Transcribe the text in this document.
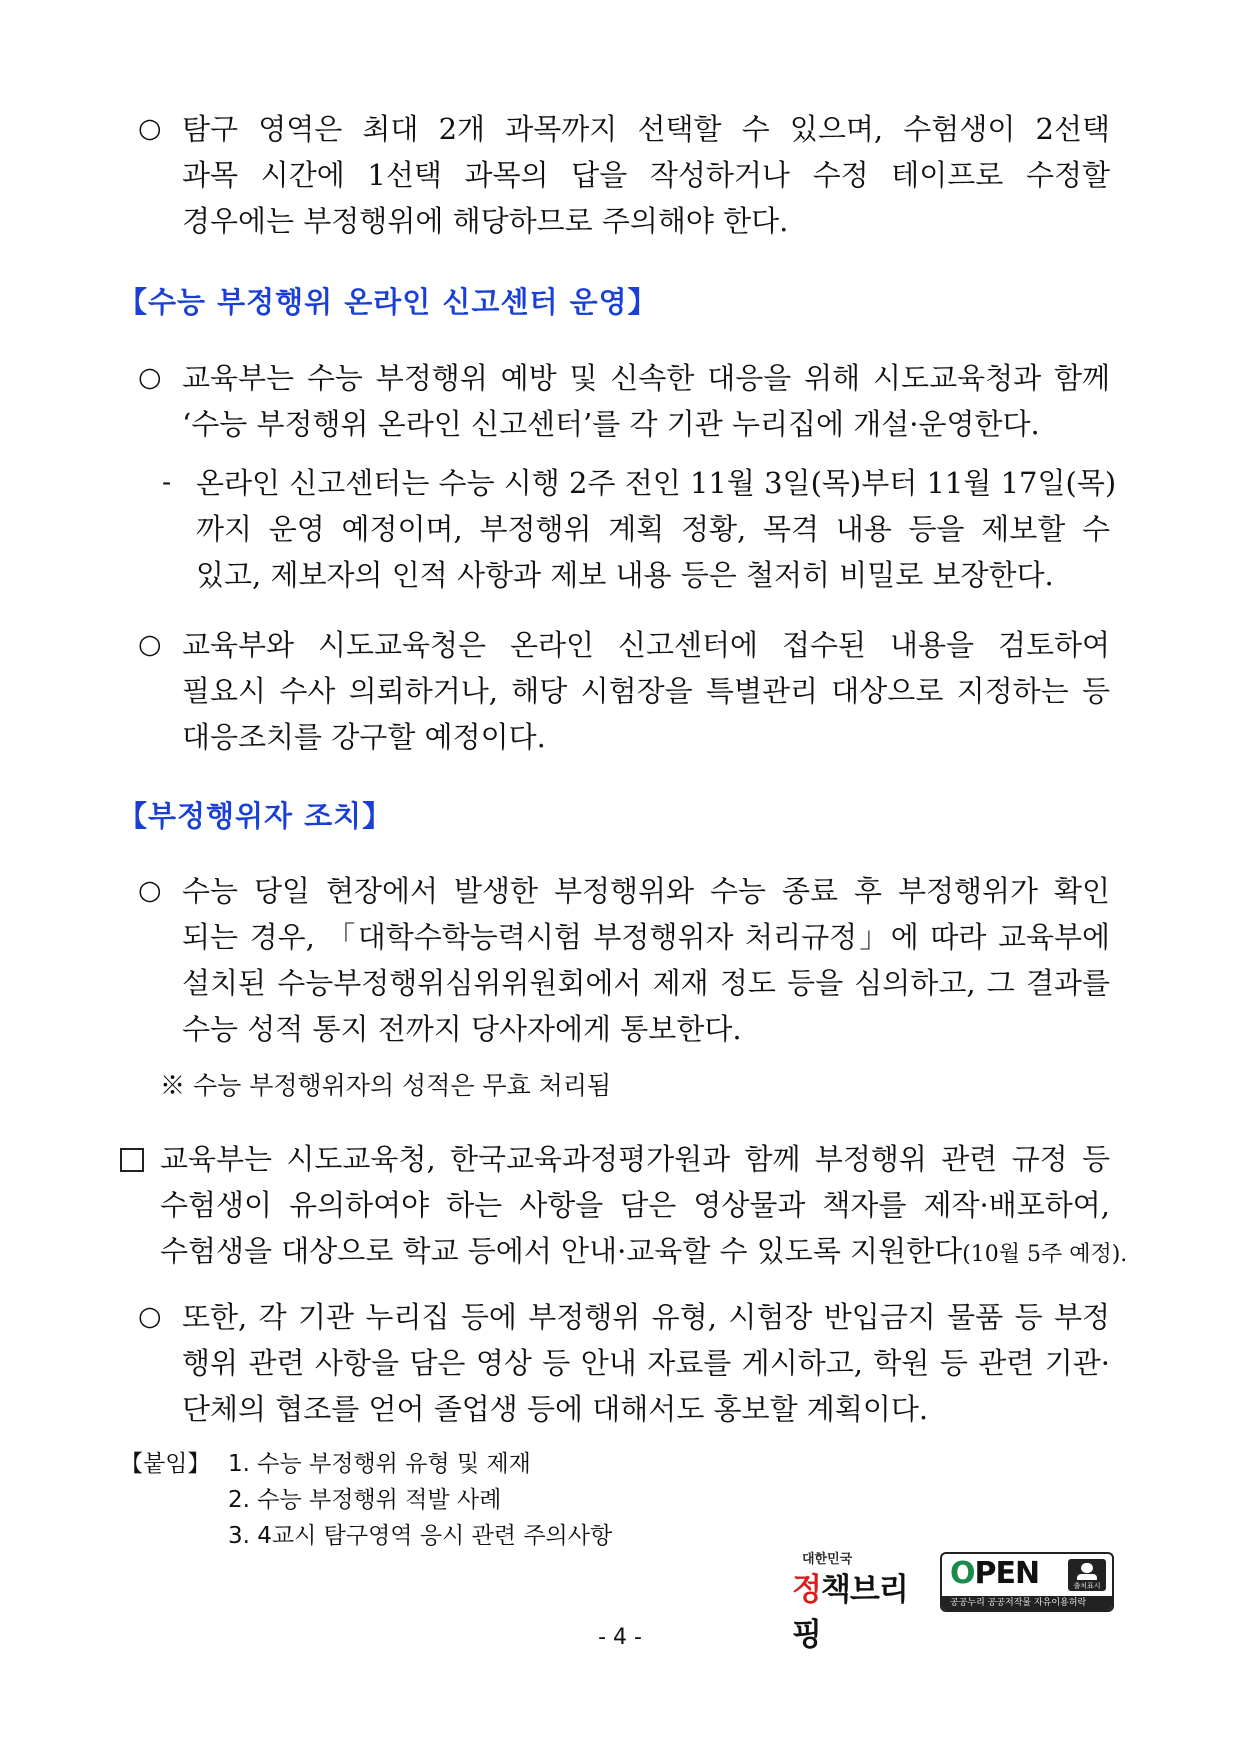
○ 탐구 영역은 최대 2개 과목까지 선택할 수 있으며, 수험생이 2선택
과목 시간에 1선택 과목의 답을 작성하거나 수정 테이프로 수정할
경우에는 부정행위에 해당하므로 주의해야 한다.
【수능 부정행위 온라인 신고센터 운영】
○ 교육부는 수능 부정행위 예방 및 신속한 대응을 위해 시도교육청과 함께
‘수능 부정행위 온라인 신고센터’를 각 기관 누리집에 개설·운영한다.
- 온라인 신고센터는 수능 시행 2주 전인 11월 3일(목)부터 11월 17일(목)
까지 운영 예정이며, 부정행위 계획 정황, 목격 내용 등을 제보할 수
있고, 제보자의 인적 사항과 제보 내용 등은 철저히 비밀로 보장한다.
○ 교육부와 시도교육청은 온라인 신고센터에 접수된 내용을 검토하여
필요시 수사 의뢰하거나, 해당 시험장을 특별관리 대상으로 지정하는 등
대응조치를 강구할 예정이다.
【부정행위자 조치】
○ 수능 당일 현장에서 발생한 부정행위와 수능 종료 후 부정행위가 확인
되는 경우, 「대학수학능력시험 부정행위자 처리규정」에 따라 교육부에
설치된 수능부정행위심위위원회에서 제재 정도 등을 심의하고, 그 결과를
수능 성적 통지 전까지 당사자에게 통보한다.
※ 수능 부정행위자의 성적은 무효 처리됨
교육부는 시도교육청, 한국교육과정평가원과 함께 부정행위 관련 규정 등
수험생이 유의하여야 하는 사항을 담은 영상물과 책자를 제작·배포하여,
수험생을 대상으로 학교 등에서 안내·교육할 수 있도록 지원한다(10월 5주 예정).
○ 또한, 각 기관 누리집 등에 부정행위 유형, 시험장 반입금지 물품 등 부정
행위 관련 사항을 담은 영상 등 안내 자료를 게시하고, 학원 등 관련 기관·
단체의 협조를 얻어 졸업생 등에 대해서도 홍보할 계획이다.
【붙임】 1. 수능 부정행위 유형 및 제재
2. 수능 부정행위 적발 사례
3. 4교시 탐구영역 응시 관련 주의사항
대한민국
정책브리핑
OPEN	출처표시
공공누리 공공저작물 자유이용허락
- 4 -
